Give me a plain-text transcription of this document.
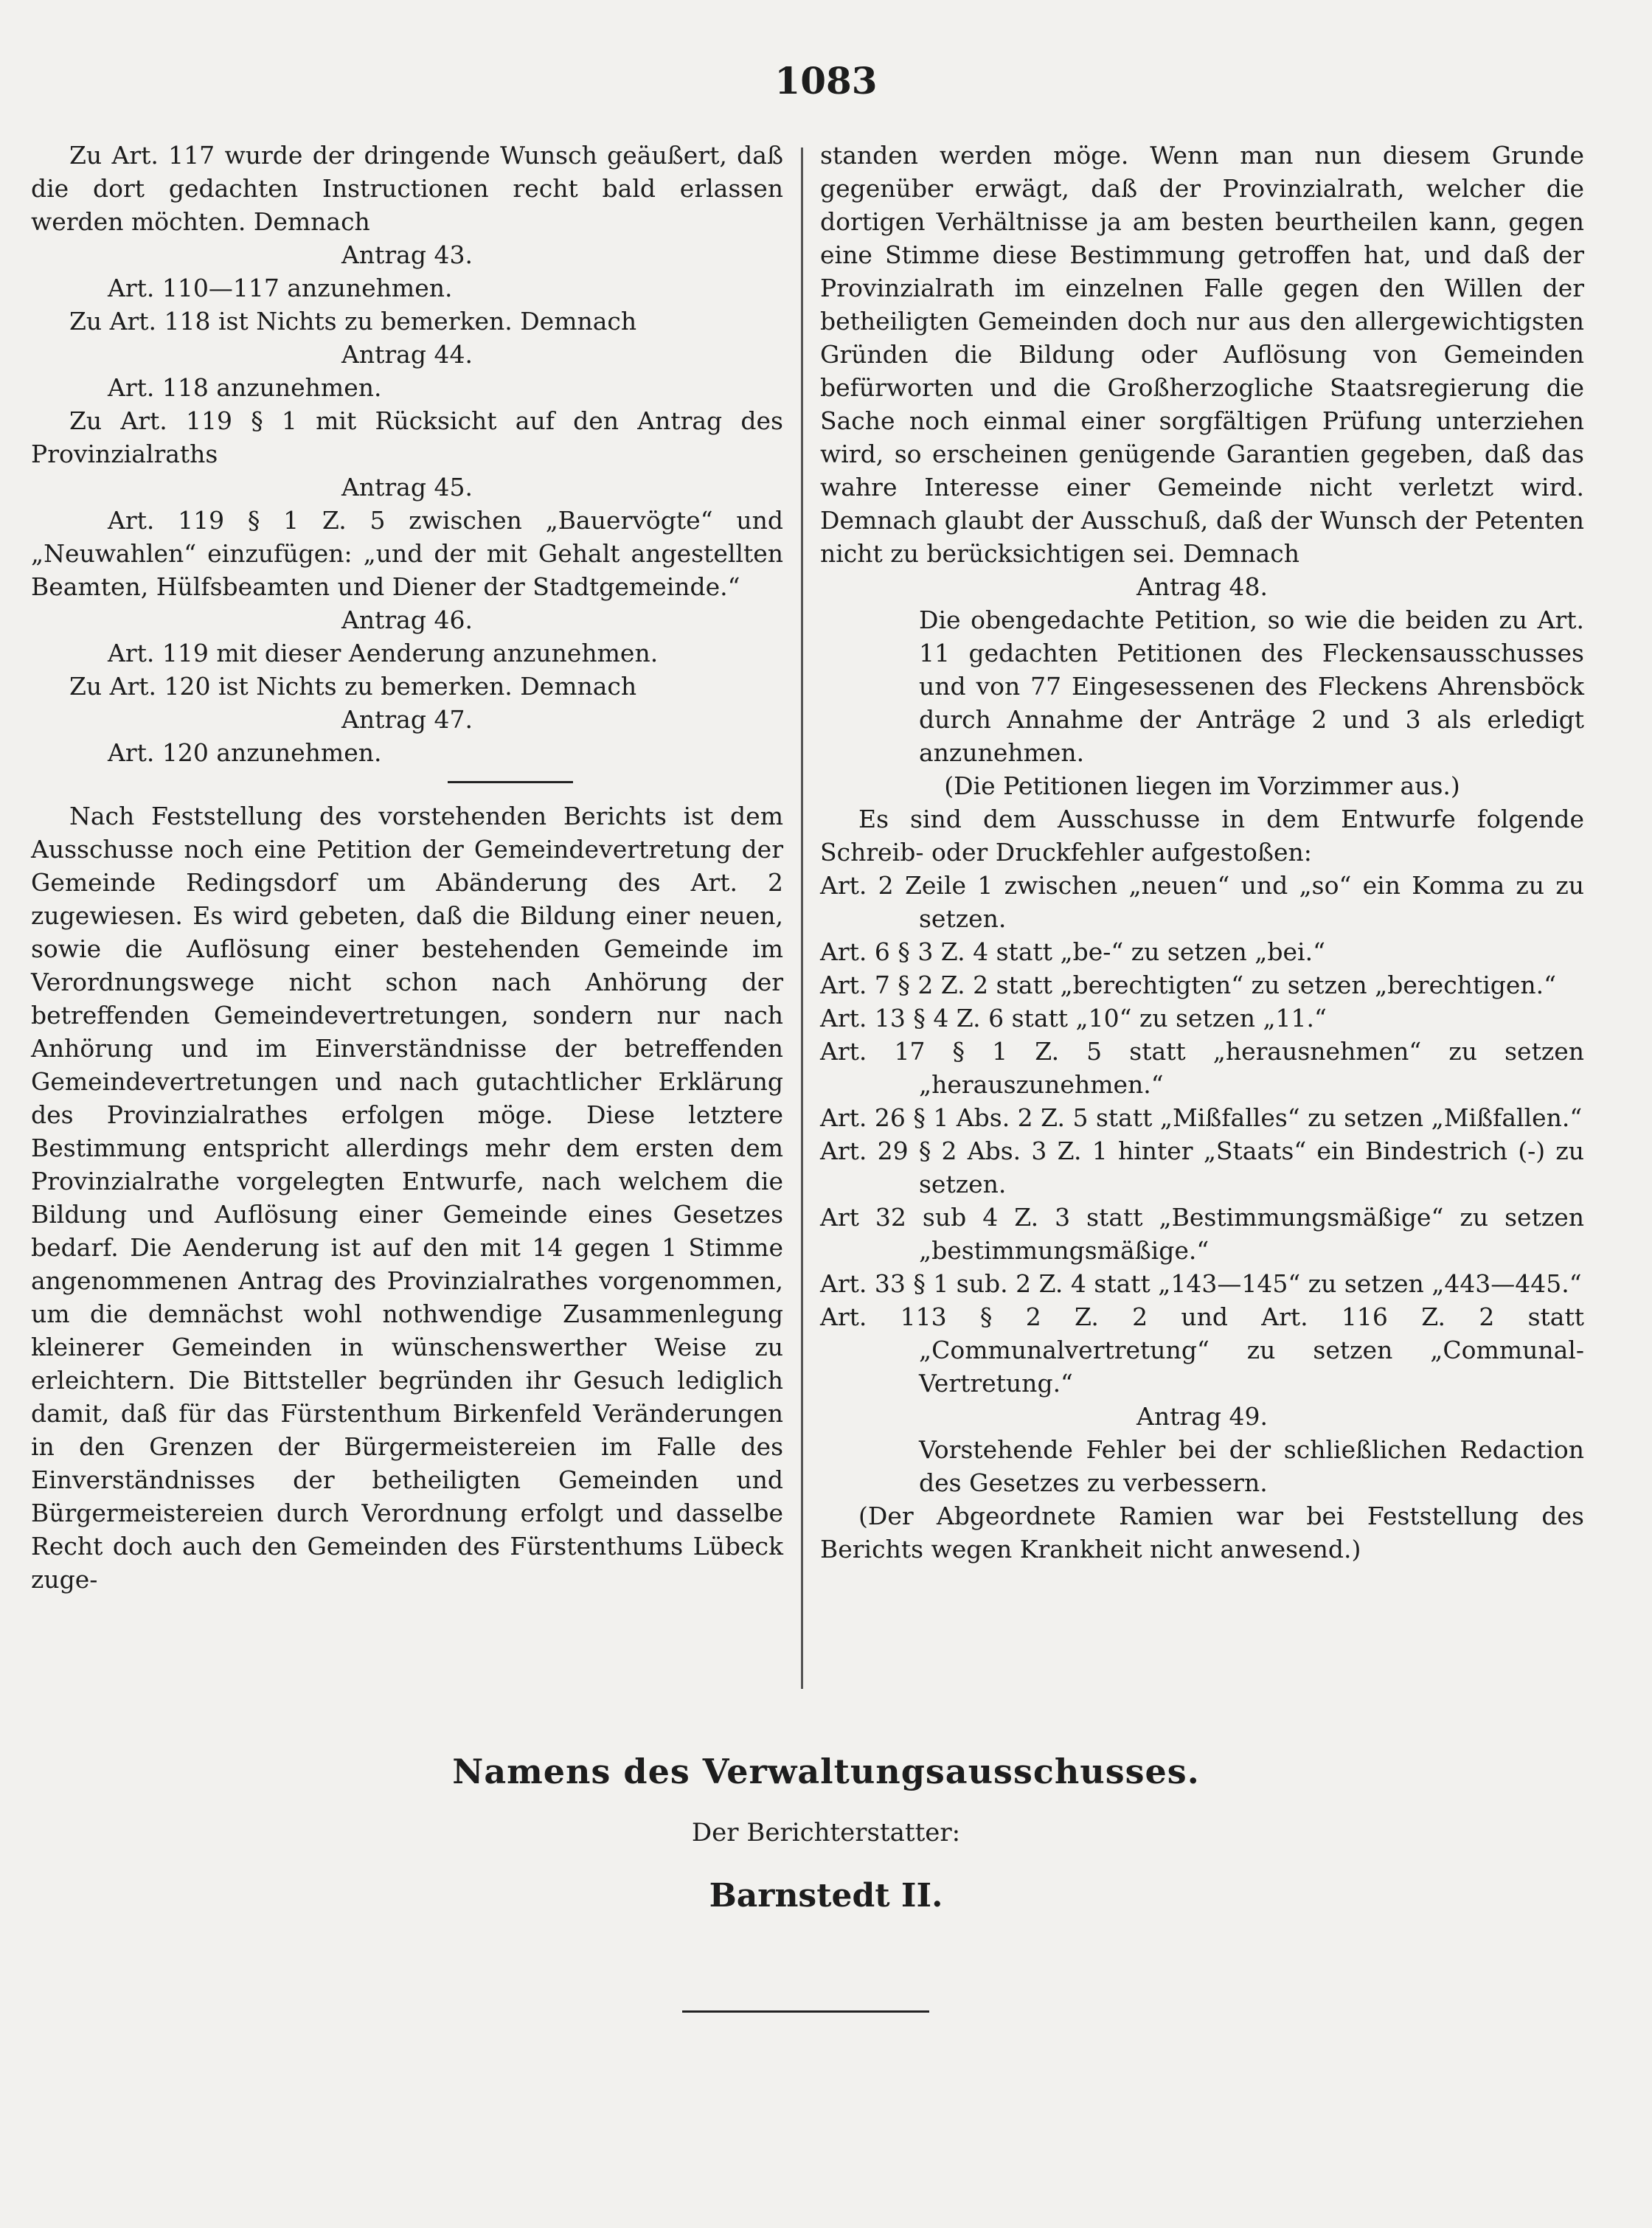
1083

Zu Art. 117 wurde der dringende Wunsch geäußert, daß die dort gedachten Instructionen recht bald erlassen werden möchten. Demnach

Antrag 43.

Art. 110—117 anzunehmen.

Zu Art. 118 ist Nichts zu bemerken. Demnach

Antrag 44.

Art. 118 anzunehmen.

Zu Art. 119 § 1 mit Rücksicht auf den Antrag des Provinzialraths

Antrag 45.

Art. 119 § 1 Z. 5 zwischen „Bauervögte“ und „Neuwahlen“ einzufügen: „und der mit Gehalt angestellten Beamten, Hülfsbeamten und Diener der Stadtgemeinde.“

Antrag 46.

Art. 119 mit dieser Aenderung anzunehmen.

Zu Art. 120 ist Nichts zu bemerken. Demnach

Antrag 47.

Art. 120 anzunehmen.

Nach Feststellung des vorstehenden Berichts ist dem Ausschusse noch eine Petition der Gemeindevertretung der Gemeinde Redingsdorf um Abänderung des Art. 2 zugewiesen. Es wird gebeten, daß die Bildung einer neuen, sowie die Auflösung einer bestehenden Gemeinde im Verordnungswege nicht schon nach Anhörung der betreffenden Gemeindevertretungen, sondern nur nach Anhörung und im Einverständnisse der betreffenden Gemeindevertretungen und nach gutachtlicher Erklärung des Provinzialrathes erfolgen möge. Diese letztere Bestimmung entspricht allerdings mehr dem ersten dem Provinzialrathe vorgelegten Entwurfe, nach welchem die Bildung und Auflösung einer Gemeinde eines Gesetzes bedarf. Die Aenderung ist auf den mit 14 gegen 1 Stimme angenommenen Antrag des Provinzialrathes vorgenommen, um die demnächst wohl nothwendige Zusammenlegung kleinerer Gemeinden in wünschenswerther Weise zu erleichtern. Die Bittsteller begründen ihr Gesuch lediglich damit, daß für das Fürstenthum Birkenfeld Veränderungen in den Grenzen der Bürgermeistereien im Falle des Einverständnisses der betheiligten Gemeinden und Bürgermeistereien durch Verordnung erfolgt und dasselbe Recht doch auch den Gemeinden des Fürstenthums Lübeck zuge-

standen werden möge. Wenn man nun diesem Grunde gegenüber erwägt, daß der Provinzialrath, welcher die dortigen Verhältnisse ja am besten beurtheilen kann, gegen eine Stimme diese Bestimmung getroffen hat, und daß der Provinzialrath im einzelnen Falle gegen den Willen der betheiligten Gemeinden doch nur aus den allergewichtigsten Gründen die Bildung oder Auflösung von Gemeinden befürworten und die Großherzogliche Staatsregierung die Sache noch einmal einer sorgfältigen Prüfung unterziehen wird, so erscheinen genügende Garantien gegeben, daß das wahre Interesse einer Gemeinde nicht verletzt wird. Demnach glaubt der Ausschuß, daß der Wunsch der Petenten nicht zu berücksichtigen sei. Demnach

Antrag 48.

Die obengedachte Petition, so wie die beiden zu Art. 11 gedachten Petitionen des Fleckensausschusses und von 77 Eingesessenen des Fleckens Ahrensböck durch Annahme der Anträge 2 und 3 als erledigt anzunehmen.

(Die Petitionen liegen im Vorzimmer aus.)

Es sind dem Ausschusse in dem Entwurfe folgende Schreib- oder Druckfehler aufgestoßen:

Art. 2 Zeile 1 zwischen „neuen“ und „so“ ein Komma zu zu setzen.

Art. 6 § 3 Z. 4 statt „be-“ zu setzen „bei.“

Art. 7 § 2 Z. 2 statt „berechtigten“ zu setzen „berechtigen.“

Art. 13 § 4 Z. 6 statt „10“ zu setzen „11.“

Art. 17 § 1 Z. 5 statt „herausnehmen“ zu setzen „herauszunehmen.“

Art. 26 § 1 Abs. 2 Z. 5 statt „Mißfalles“ zu setzen „Mißfallen.“

Art. 29 § 2 Abs. 3 Z. 1 hinter „Staats“ ein Bindestrich (-) zu setzen.

Art 32 sub 4 Z. 3 statt „Bestimmungsmäßige“ zu setzen „bestimmungsmäßige.“

Art. 33 § 1 sub. 2 Z. 4 statt „143—145“ zu setzen „443—445.“

Art. 113 § 2 Z. 2 und Art. 116 Z. 2 statt „Communalvertretung“ zu setzen „Communal-Vertretung.“

Antrag 49.

Vorstehende Fehler bei der schließlichen Redaction des Gesetzes zu verbessern.

(Der Abgeordnete Ramien war bei Feststellung des Berichts wegen Krankheit nicht anwesend.)

Namens des Verwaltungsausschusses.
Der Berichterstatter:
Barnstedt II.
